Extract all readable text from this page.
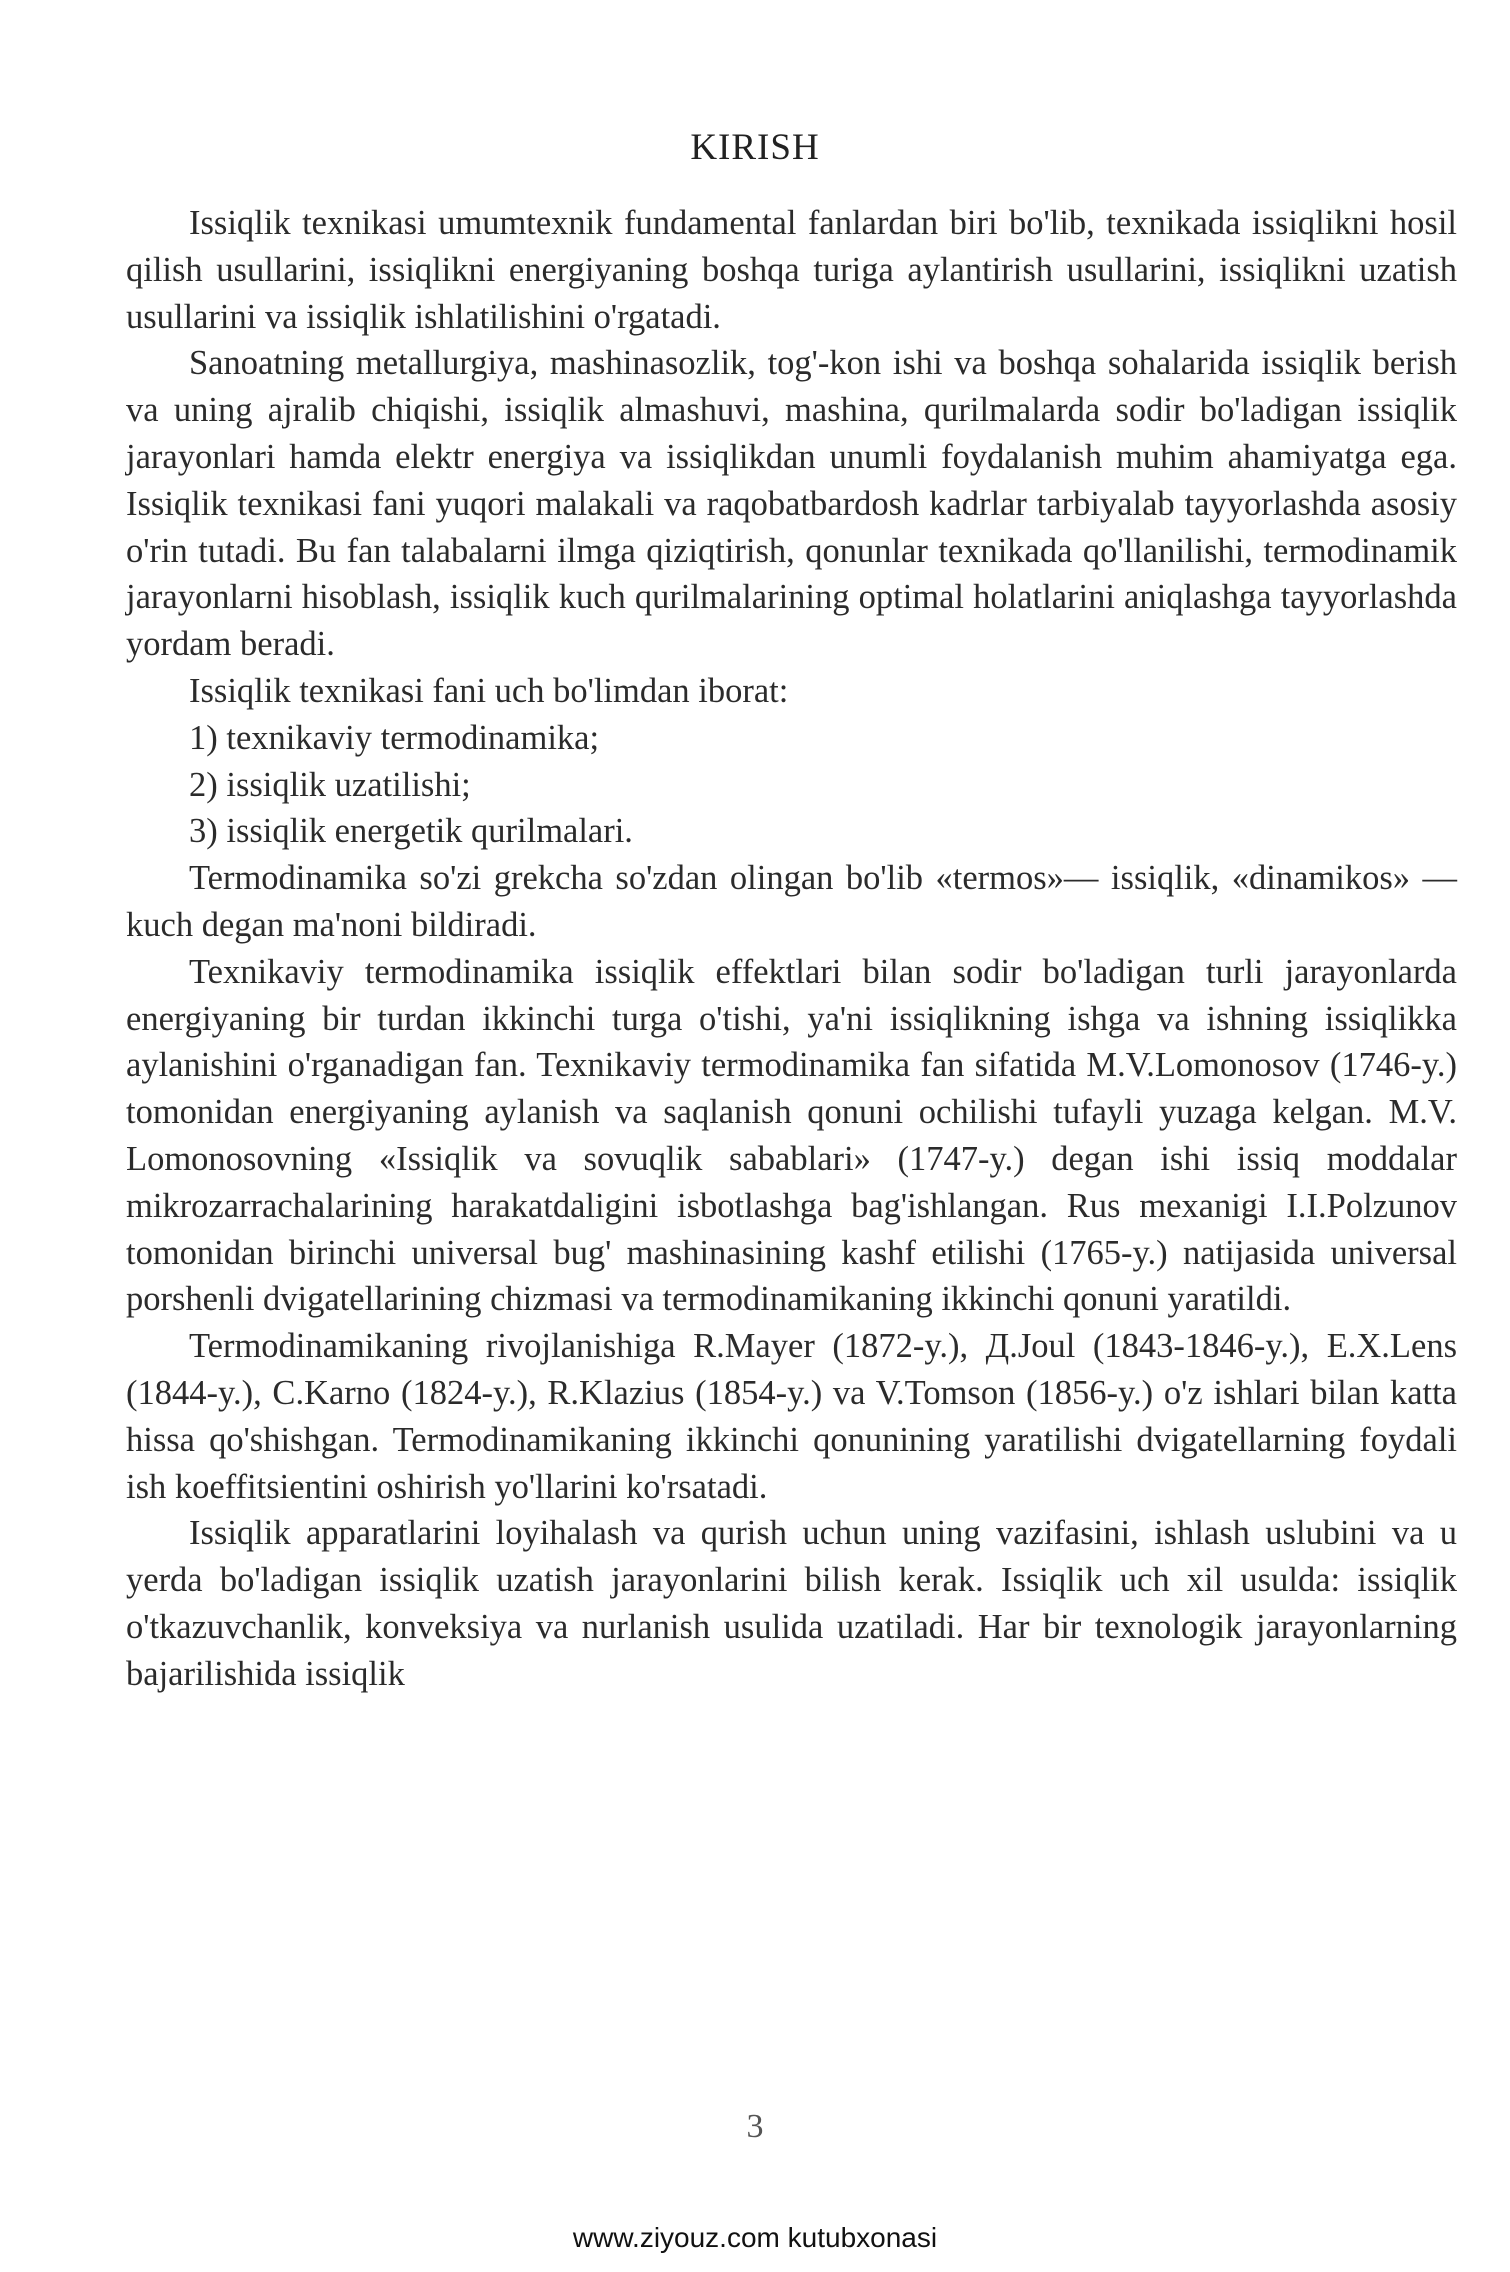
KIRISH

Issiqlik texnikasi umumtexnik fundamental fanlardan biri bo'lib, texnikada issiqlikni hosil qilish usullarini, issiqlikni energiyaning boshqa turiga aylantirish usullarini, issiqlikni uzatish usullarini va issiqlik ishlatilishini o'rgatadi.

Sanoatning metallurgiya, mashinasozlik, tog'-kon ishi va boshqa sohalarida issiqlik berish va uning ajralib chiqishi, issiqlik almashuvi, mashina, qurilmalarda sodir bo'ladigan issiqlik jarayonlari hamda elektr energiya va issiqlikdan unumli foydalanish muhim ahamiyatga ega. Issiqlik texnikasi fani yuqori malakali va raqobatbardosh kadrlar tarbiyalab tayyorlashda asosiy o'rin tutadi. Bu fan talabalarni ilmga qiziqtirish, qonunlar texnikada qo'llanilishi, termodinamik jarayonlarni hisoblash, issiqlik kuch qurilmalarining optimal holatlarini aniqlashga tayyorlashda yordam beradi.

Issiqlik texnikasi fani uch bo'limdan iborat:

1) texnikaviy termodinamika;

2) issiqlik uzatilishi;

3) issiqlik energetik qurilmalari.

Termodinamika so'zi grekcha so'zdan olingan bo'lib «termos»— issiqlik, «dinamikos» — kuch degan ma'noni bildiradi.

Texnikaviy termodinamika issiqlik effektlari bilan sodir bo'ladigan turli jarayonlarda energiyaning bir turdan ikkinchi turga o'tishi, ya'ni issiqlikning ishga va ishning issiqlikka aylanishini o'rganadigan fan. Texnikaviy termodinamika fan sifatida M.V.Lomonosov (1746-y.) tomonidan energiyaning aylanish va saqlanish qonuni ochilishi tufayli yuzaga kelgan. M.V. Lomonosovning «Issiqlik va sovuqlik sabablari» (1747-y.) degan ishi issiq moddalar mikrozarrachalarining harakatdaligini isbotlashga bag'ishlangan. Rus mexanigi I.I.Polzunov tomonidan birinchi universal bug' mashinasining kashf etilishi (1765-y.) natijasida universal porshenli dvigatellarining chizmasi va termodinamikaning ikkinchi qonuni yaratildi.

Termodinamikaning rivojlanishiga R.Mayer (1872-y.), Д.Joul (1843-1846-y.), E.X.Lens (1844-y.), C.Karno (1824-y.), R.Klazius (1854-y.) va V.Tomson (1856-y.) o'z ishlari bilan katta hissa qo'shishgan. Termodinamikaning ikkinchi qonunining yaratilishi dvigatellarning foydali ish koeffitsientini oshirish yo'llarini ko'rsatadi.

Issiqlik apparatlarini loyihalash va qurish uchun uning vazifasini, ishlash uslubini va u yerda bo'ladigan issiqlik uzatish jarayonlarini bilish kerak. Issiqlik uch xil usulda: issiqlik o'tkazuvchanlik, konveksiya va nurlanish usulida uzatiladi. Har bir texnologik jarayonlarning bajarilishida issiqlik

3
www.ziyouz.com kutubxonasi
